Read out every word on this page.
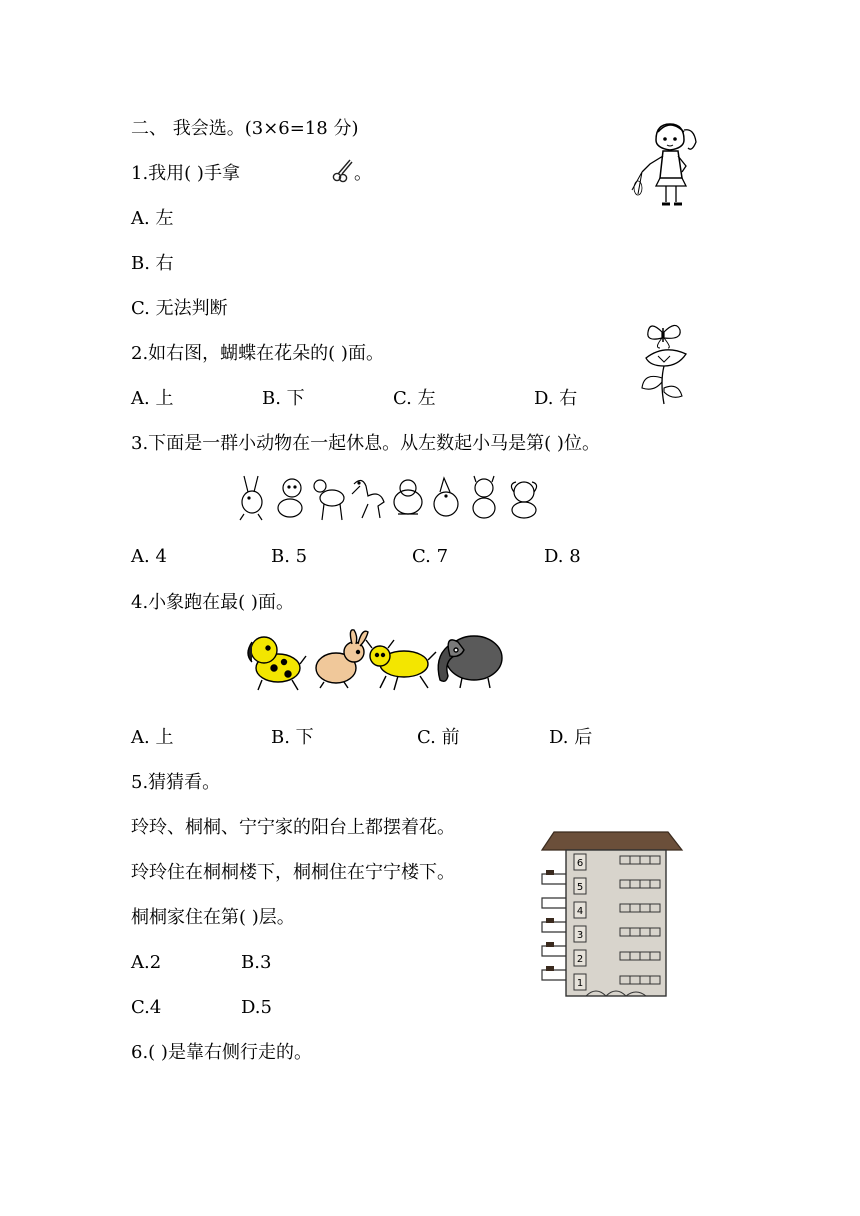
二、 我会选。(3×6=18 分)
1.我用( )手拿	。
A. 左
B. 右
C. 无法判断
2.如右图，蝴蝶在花朵的( )面。
A. 上	B. 下	C. 左	D. 右
3.下面是一群小动物在一起休息。从左数起小马是第( )位。
A. 4	B. 5	C. 7	D. 8
4.小象跑在最( )面。
A. 上	B. 下	C. 前	D. 后
5.猜猜看。
玲玲、桐桐、宁宁家的阳台上都摆着花。
玲玲住在桐桐楼下，桐桐住在宁宁楼下。
桐桐家住在第( )层。
A.2	B.3
C.4	D.5
6
5
4
3
2
1
6.( )是靠右侧行走的。
